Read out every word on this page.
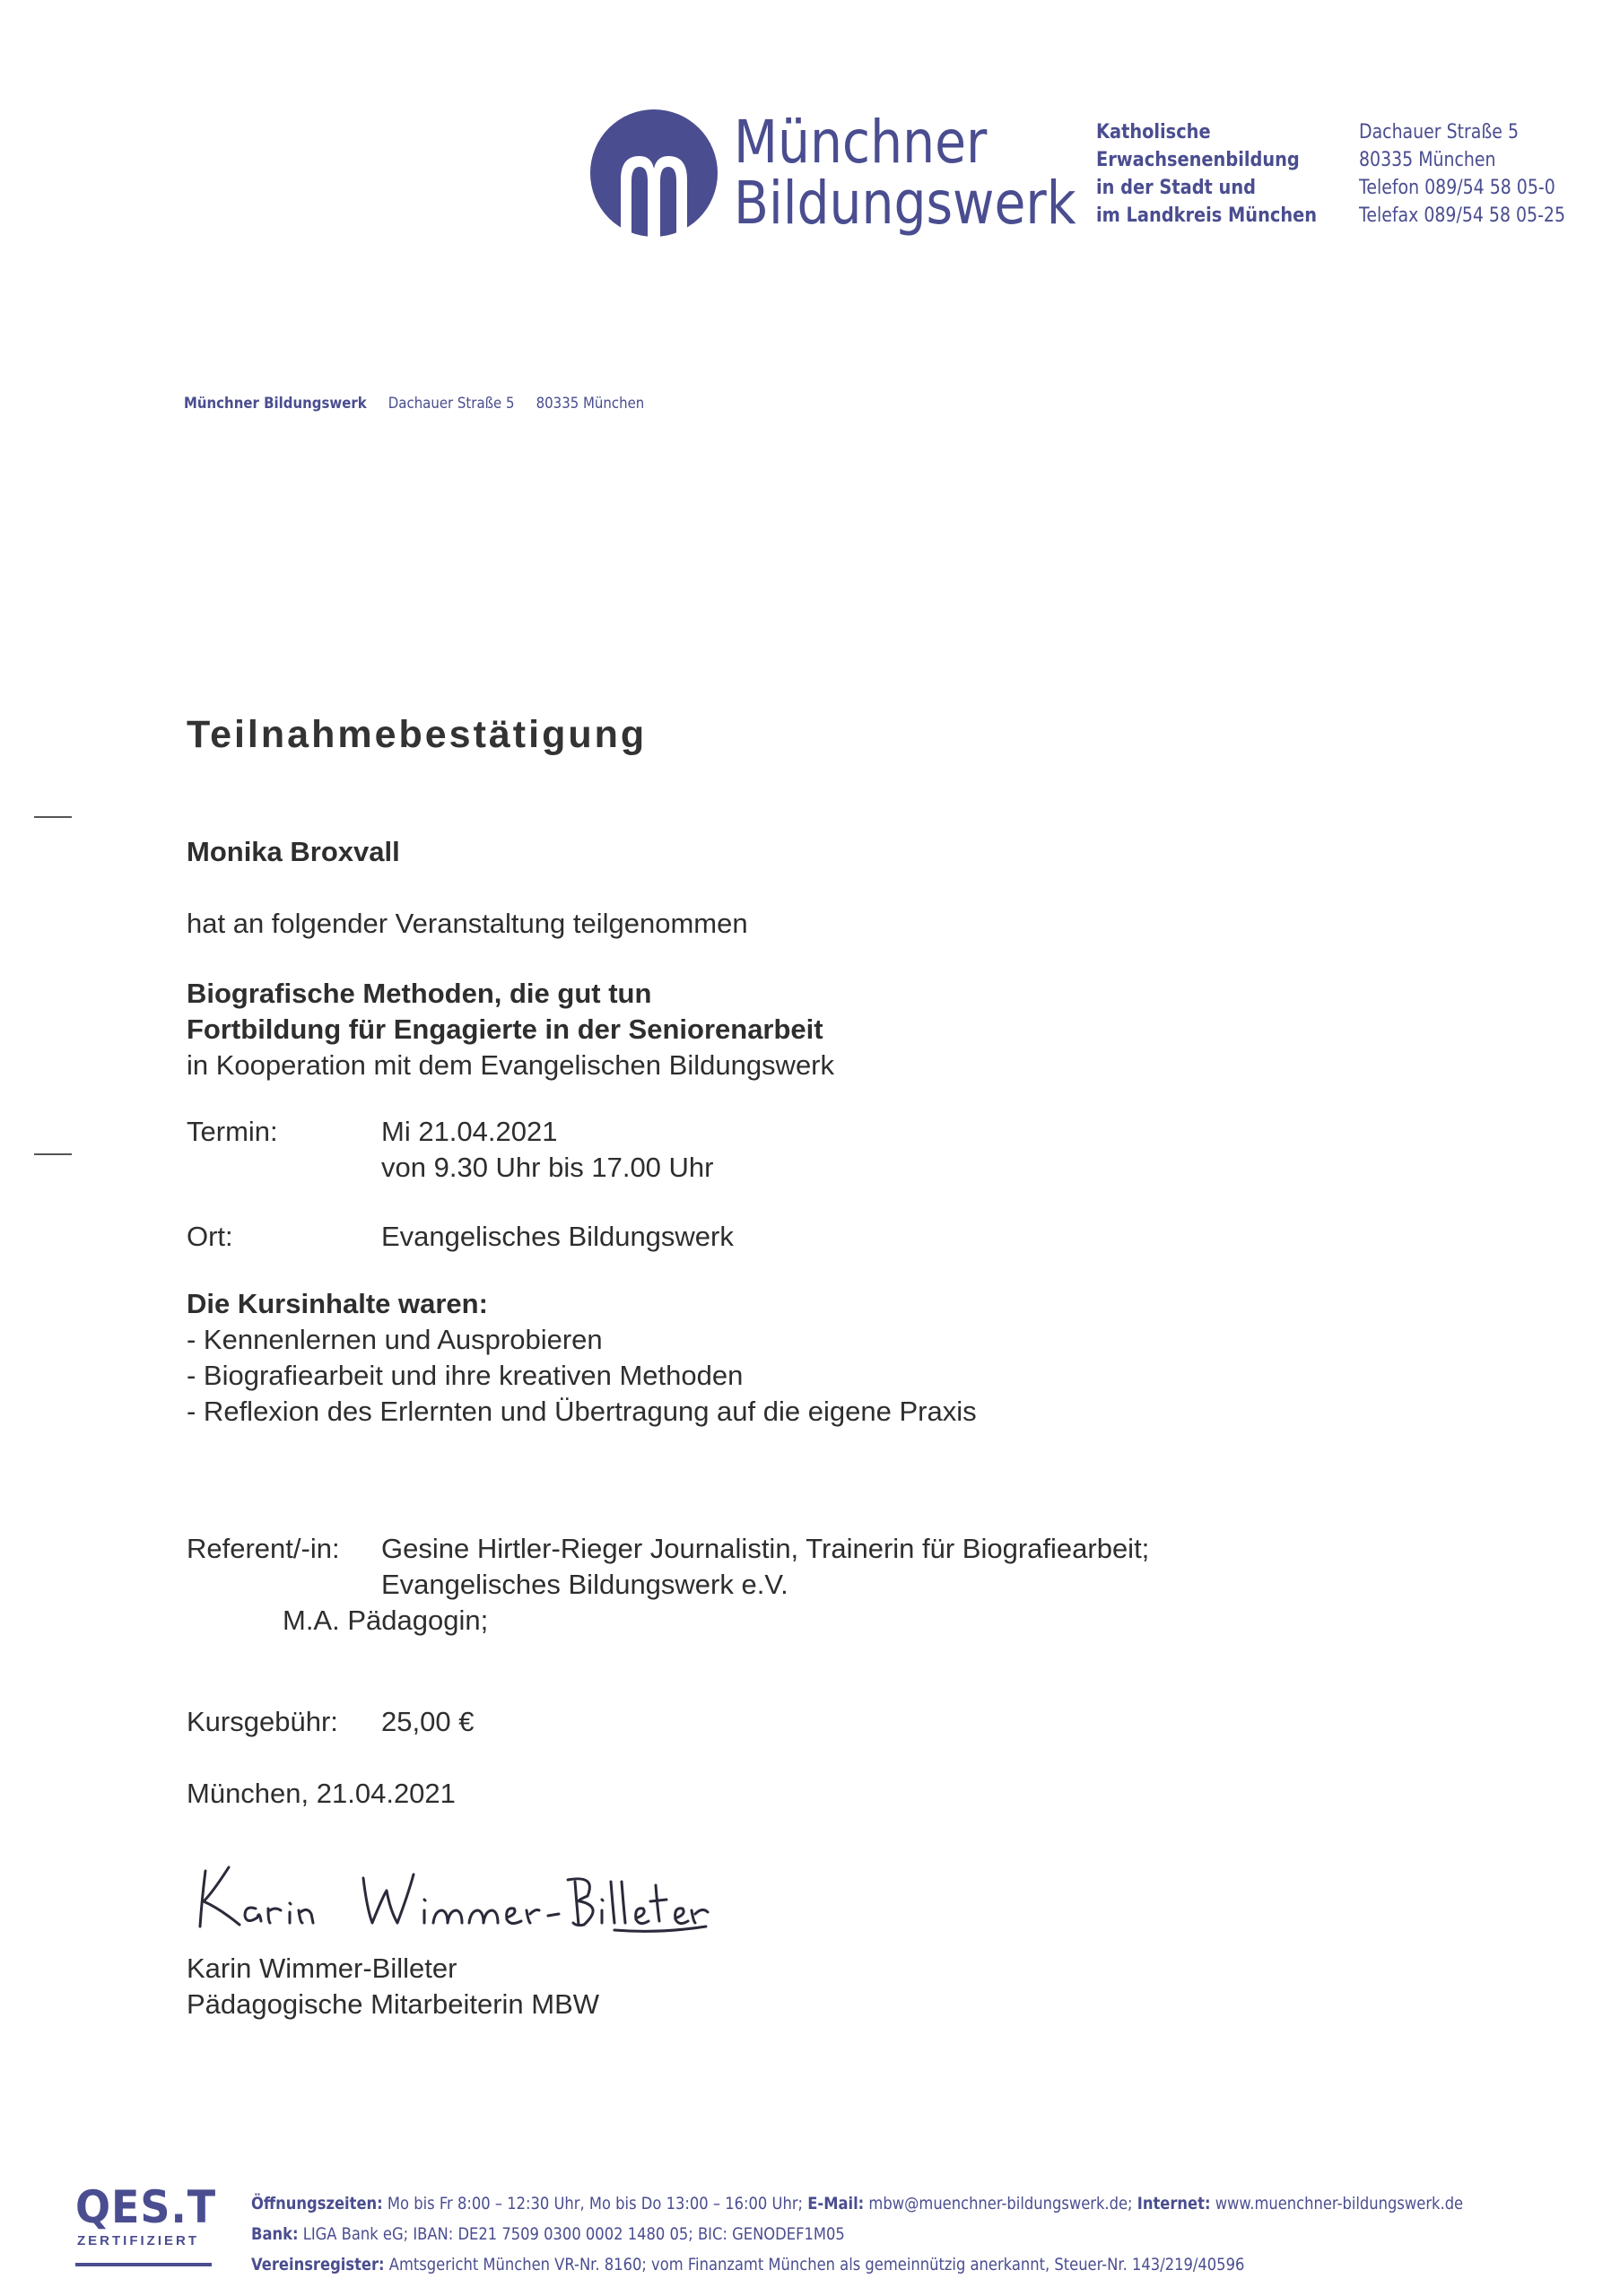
Münchner
Bildungswerk
Katholische
Erwachsenenbildung
in der Stadt und
im Landkreis München
Dachauer Straße 5
80335 München
Telefon 089/54 58 05-0
Telefax 089/54 58 05-25
Münchner Bildungswerk Dachauer Straße 5 80335 München
Teilnahmebestätigung
Monika Broxvall
hat an folgender Veranstaltung teilgenommen
Biografische Methoden, die gut tun
Fortbildung für Engagierte in der Seniorenarbeit
in Kooperation mit dem Evangelischen Bildungswerk
Termin:	Mi 21.04.2021
von 9.30 Uhr bis 17.00 Uhr
Ort:	Evangelisches Bildungswerk
Die Kursinhalte waren:
- Kennenlernen und Ausprobieren
- Biografiearbeit und ihre kreativen Methoden
- Reflexion des Erlernten und Übertragung auf die eigene Praxis
Referent/-in: Gesine Hirtler-Rieger Journalistin, Trainerin für Biografiearbeit;
Evangelisches Bildungswerk e.V.
M.A. Pädagogin;
Kursgebühr: 25,00 €
München, 21.04.2021
Karin Wimmer-Billeter
Pädagogische Mitarbeiterin MBW
QES.T
ZERTIFIZIERT
Öffnungszeiten: Mo bis Fr 8:00 – 12:30 Uhr, Mo bis Do 13:00 – 16:00 Uhr; E-Mail: mbw@muenchner-bildungswerk.de; Internet: www.muenchner-bildungswerk.de
Bank: LIGA Bank eG; IBAN: DE21 7509 0300 0002 1480 05; BIC: GENODEF1M05
Vereinsregister: Amtsgericht München VR-Nr. 8160; vom Finanzamt München als gemeinnützig anerkannt, Steuer-Nr. 143/219/40596
